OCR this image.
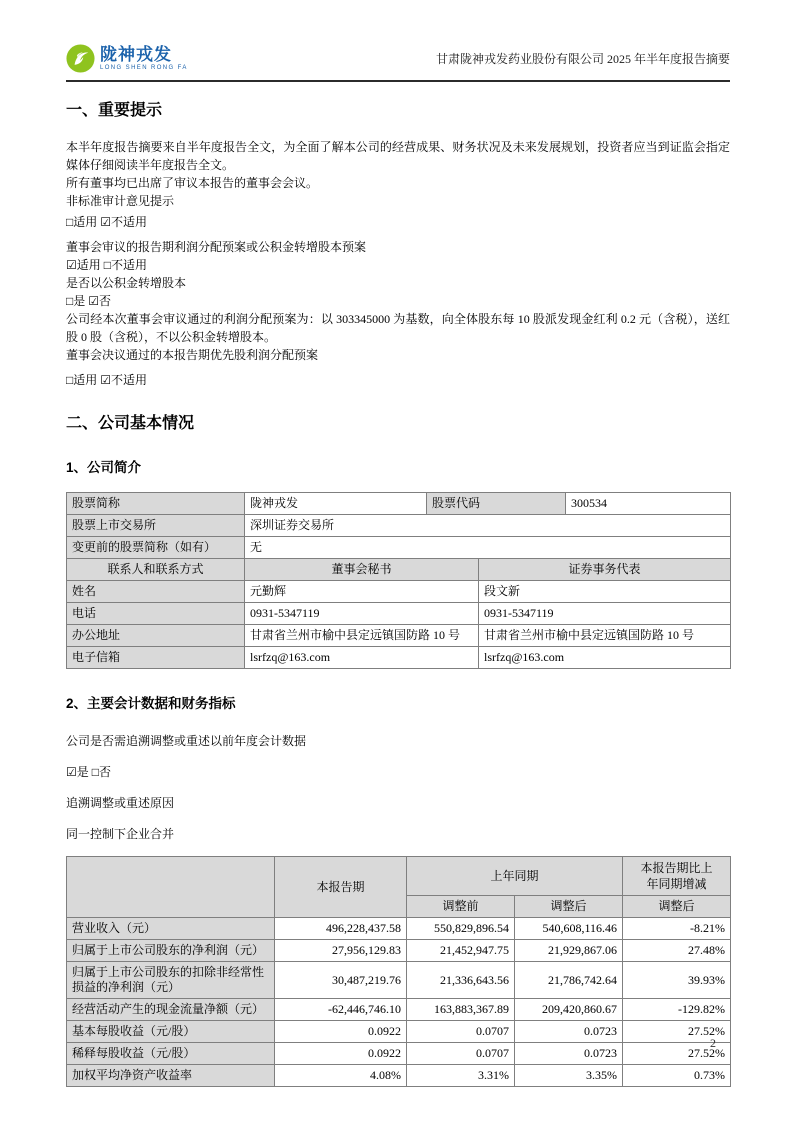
陇神戎发
LONG SHEN RONG FA
甘肃陇神戎发药业股份有限公司 2025 年半年度报告摘要
一、重要提示

本半年度报告摘要来自半年度报告全文，为全面了解本公司的经营成果、财务状况及未来发展规划，投资者应当到证监会指定媒体仔细阅读半年度报告全文。

所有董事均已出席了审议本报告的董事会会议。

非标准审计意见提示

□适用 ☑不适用

董事会审议的报告期利润分配预案或公积金转增股本预案

☑适用 □不适用

是否以公积金转增股本

□是 ☑否

公司经本次董事会审议通过的利润分配预案为：以 303345000 为基数，向全体股东每 10 股派发现金红利 0.2 元（含税），送红股 0 股（含税），不以公积金转增股本。

董事会决议通过的本报告期优先股利润分配预案

□适用 ☑不适用

二、公司基本情况
1、公司简介
股票简称	陇神戎发	股票代码		300534
股票上市交易所	深圳证券交易所			
变更前的股票简称（如有）	无			
联系人和联系方式	董事会秘书		证券事务代表	
姓名	元勤辉		段文新	
电话	0931-5347119		0931-5347119	
办公地址	甘肃省兰州市榆中县定远镇国防路 10 号		甘肃省兰州市榆中县定远镇国防路 10 号	
电子信箱	lsrfzq@163.com		lsrfzq@163.com	
2、主要会计数据和财务指标

公司是否需追溯调整或重述以前年度会计数据

☑是 □否

追溯调整或重述原因

同一控制下企业合并

	本报告期	上年同期		本报告期比上年同期增减
		调整前	调整后	调整后
营业收入（元）	496,228,437.58	550,829,896.54	540,608,116.46	-8.21%
归属于上市公司股东的净利润（元）	27,956,129.83	21,452,947.75	21,929,867.06	27.48%
归属于上市公司股东的扣除非经常性损益的净利润（元）	30,487,219.76	21,336,643.56	21,786,742.64	39.93%
经营活动产生的现金流量净额（元）	-62,446,746.10	163,883,367.89	209,420,860.67	-129.82%
基本每股收益（元/股）	0.0922	0.0707	0.0723	27.52%
稀释每股收益（元/股）	0.0922	0.0707	0.0723	27.52%
加权平均净资产收益率	4.08%	3.31%	3.35%	0.73%
2
